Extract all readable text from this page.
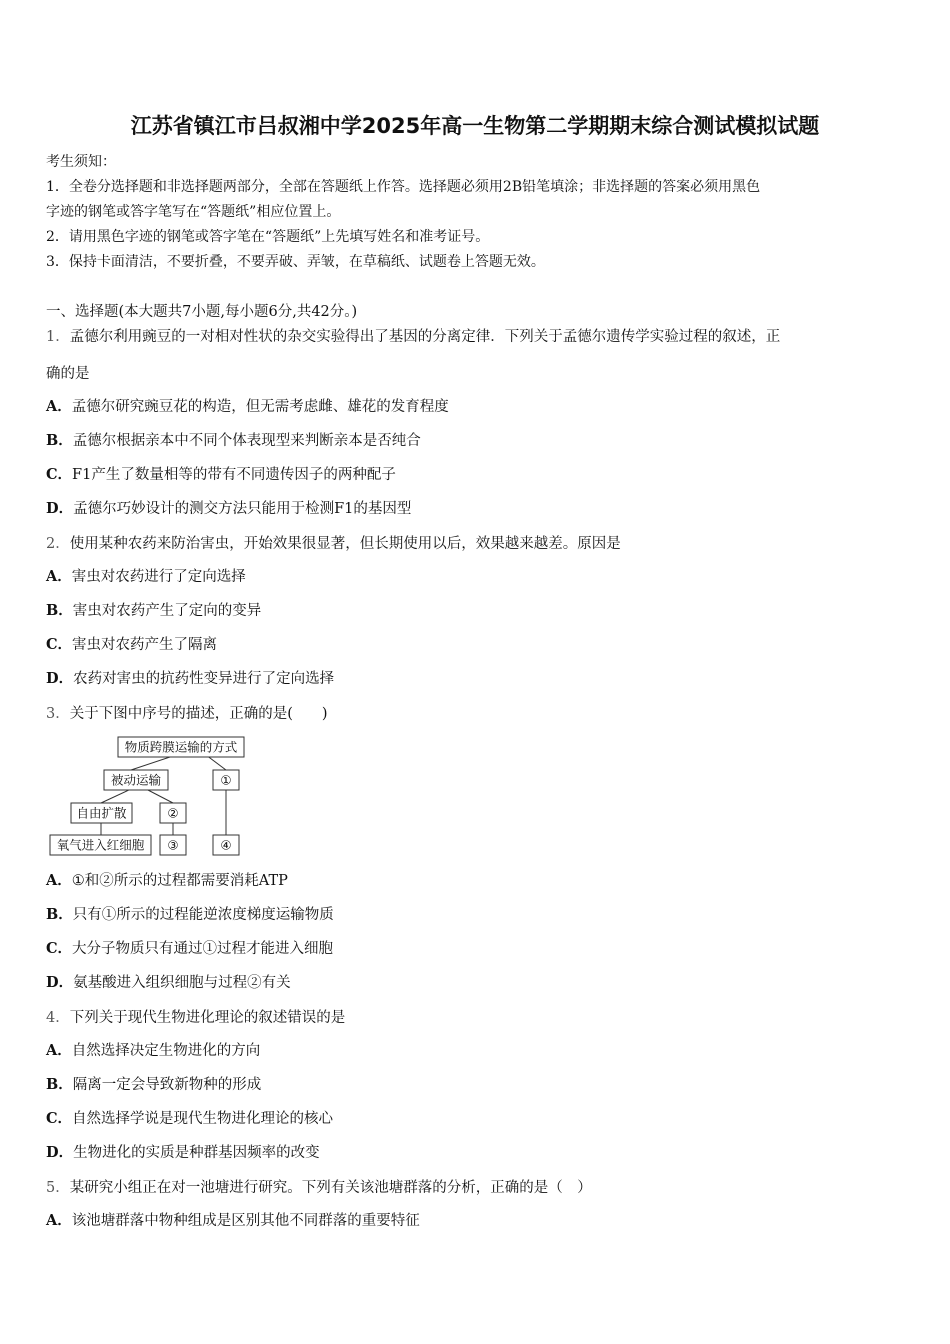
江苏省镇江市吕叔湘中学2025年高一生物第二学期期末综合测试模拟试题
考生须知：
1．全卷分选择题和非选择题两部分，全部在答题纸上作答。选择题必须用2B铅笔填涂；非选择题的答案必须用黑色
字迹的钢笔或答字笔写在“答题纸”相应位置上。
2．请用黑色字迹的钢笔或答字笔在“答题纸”上先填写姓名和准考证号。
3．保持卡面清洁，不要折叠，不要弄破、弄皱，在草稿纸、试题卷上答题无效。
一、选择题(本大题共7小题,每小题6分,共42分。)
1．孟德尔利用豌豆的一对相对性状的杂交实验得出了基因的分离定律．下列关于孟德尔遗传学实验过程的叙述，正
确的是
A．孟德尔研究豌豆花的构造，但无需考虑雌、雄花的发育程度
B．孟德尔根据亲本中不同个体表现型来判断亲本是否纯合
C．F1产生了数量相等的带有不同遗传因子的两种配子
D．孟德尔巧妙设计的测交方法只能用于检测F1的基因型
2．使用某种农药来防治害虫，开始效果很显著，但长期使用以后，效果越来越差。原因是
A．害虫对农药进行了定向选择
B．害虫对农药产生了定向的变异
C．害虫对农药产生了隔离
D．农药对害虫的抗药性变异进行了定向选择
3．关于下图中序号的描述，正确的是(　　)
物质跨膜运输的方式
被动运输	①
自由扩散	②
氧气进入红细胞 ③	④
A．①和②所示的过程都需要消耗ATP
B．只有①所示的过程能逆浓度梯度运输物质
C．大分子物质只有通过①过程才能进入细胞
D．氨基酸进入组织细胞与过程②有关
4．下列关于现代生物进化理论的叙述错误的是
A．自然选择决定生物进化的方向
B．隔离一定会导致新物种的形成
C．自然选择学说是现代生物进化理论的核心
D．生物进化的实质是种群基因频率的改变
5．某研究小组正在对一池塘进行研究。下列有关该池塘群落的分析，正确的是（　）
A．该池塘群落中物种组成是区别其他不同群落的重要特征
